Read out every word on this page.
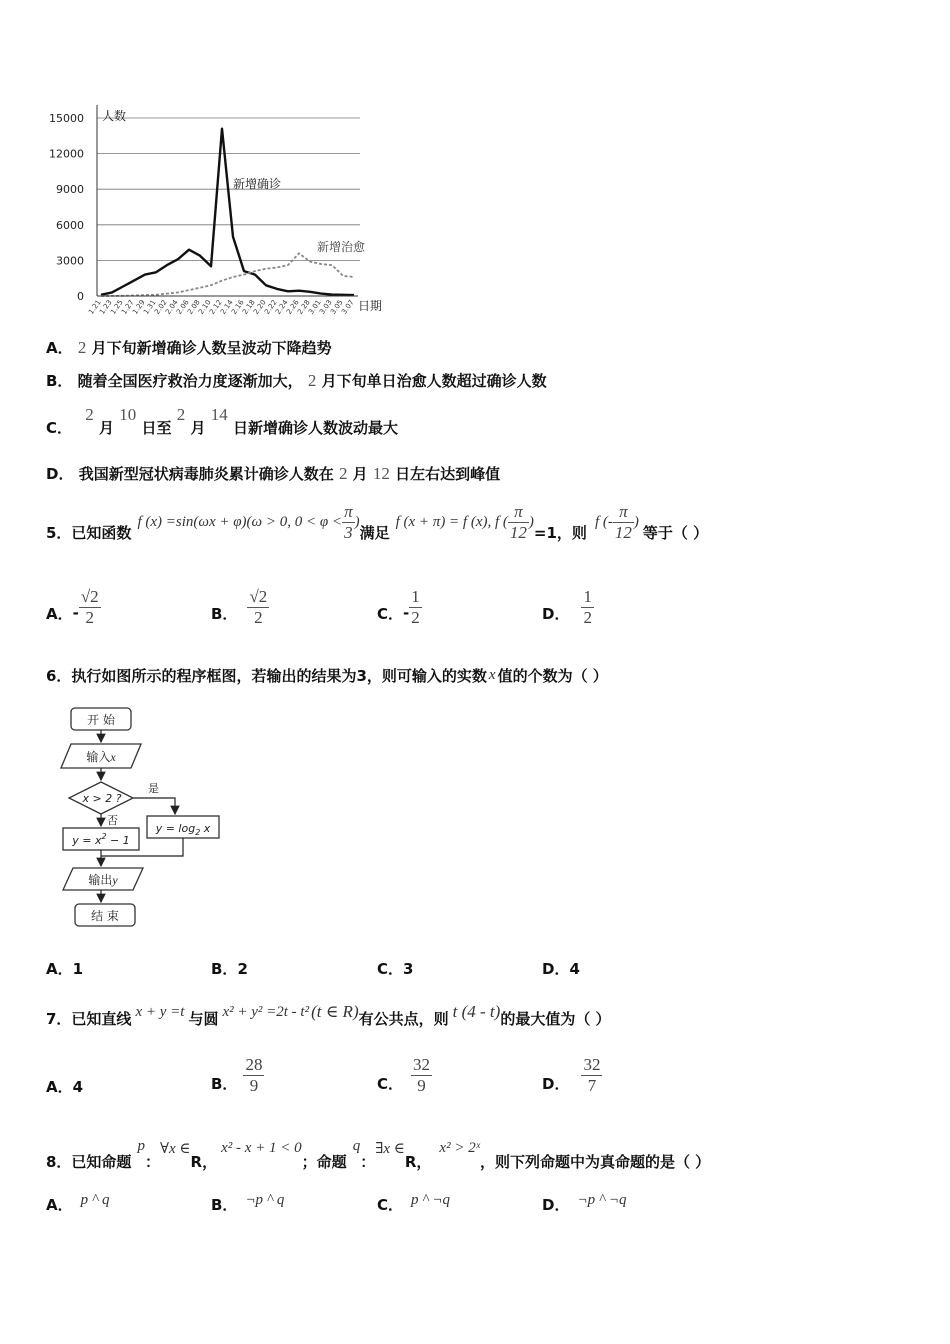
15000
12000
9000
6000
3000
0
1.21
1.23
1.25
1.27
1.29
1.31
2.02
2.04
2.06
2.08
2.10
2.12
2.14
2.16
2.18
2.20
2.22
2.24
2.26
2.28
3.01
3.03
3.05
3.07
人数
日期
新增确诊
新增治愈
A． 2 月下旬新增确诊人数呈波动下降趋势
B． 随着全国医疗救治力度逐渐加大， 2 月下旬单日治愈人数超过确诊人数
C． 2 月 10 日至 2 月 14 日新增确诊人数波动最大
D． 我国新型冠状病毒肺炎累计确诊人数在 2 月 12 日左右达到峰值
5．已知函数
f (x) =sin(ωx + φ)(ω > 0, $0 < \varphi < \frac{\pi}{3}$ )
满足
f (x + π) = f (x), f ( $\frac{\pi}{12}$ )
=1，则
f (- $\frac{\pi}{12}$ )
等于（ ）
A． - $\frac{√2}{2}$	B． $\frac{√2}{2}$	C． - $\frac{1}{2}$	D． $\frac{1}{2}$
6．执行如图所示的程序框图，若输出的结果为3，则可输入的实数 x 值的个数为（ ）
开 始
输入x
x > 2 ?
是
否
$y = \log_2 x$
$y = x^2 - 1$
输出y
结 束
A．1	B．2	C．3	D．4
7．已知直线 x + y =t 与圆 x² + y² =2t - t² (t ∈ R) 有公共点，则 t (4 - t) 的最大值为（ ）
A．4	B． $\frac{28}{9}$	C． $\frac{32}{9}$	D． $\frac{32}{7}$
8．已知命题
p
：
∀x ∈
R，
x² - x + 1 < 0
；命题
q
：
∃x ∈
R，
x² > 2ˣ
，则下列命题中为真命题的是（ ）
A． p ^ q	B． ¬p ^ q	C． p ^ ¬q	D． ¬p ^ ¬q
